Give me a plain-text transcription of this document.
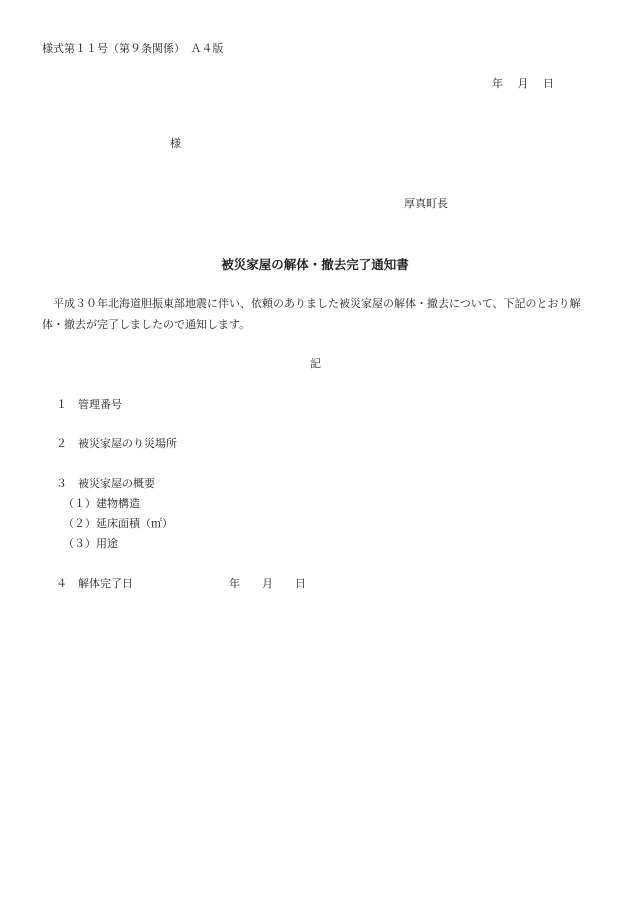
様式第１１号（第９条関係）　Ａ４版
年　 月　 日
様
厚真町長
被災家屋の解体・撤去完了通知書
平成３０年北海道胆振東部地震に伴い、依頼のありました被災家屋の解体・撤去について、下記のとおり解体・撤去が完了しましたので通知します。
記
１　管理番号
２　被災家屋のり災場所
３　被災家屋の概要
（１）建物構造
（２）延床面積（㎡）
（３）用途
４　解体完了日	年　　月　　日
